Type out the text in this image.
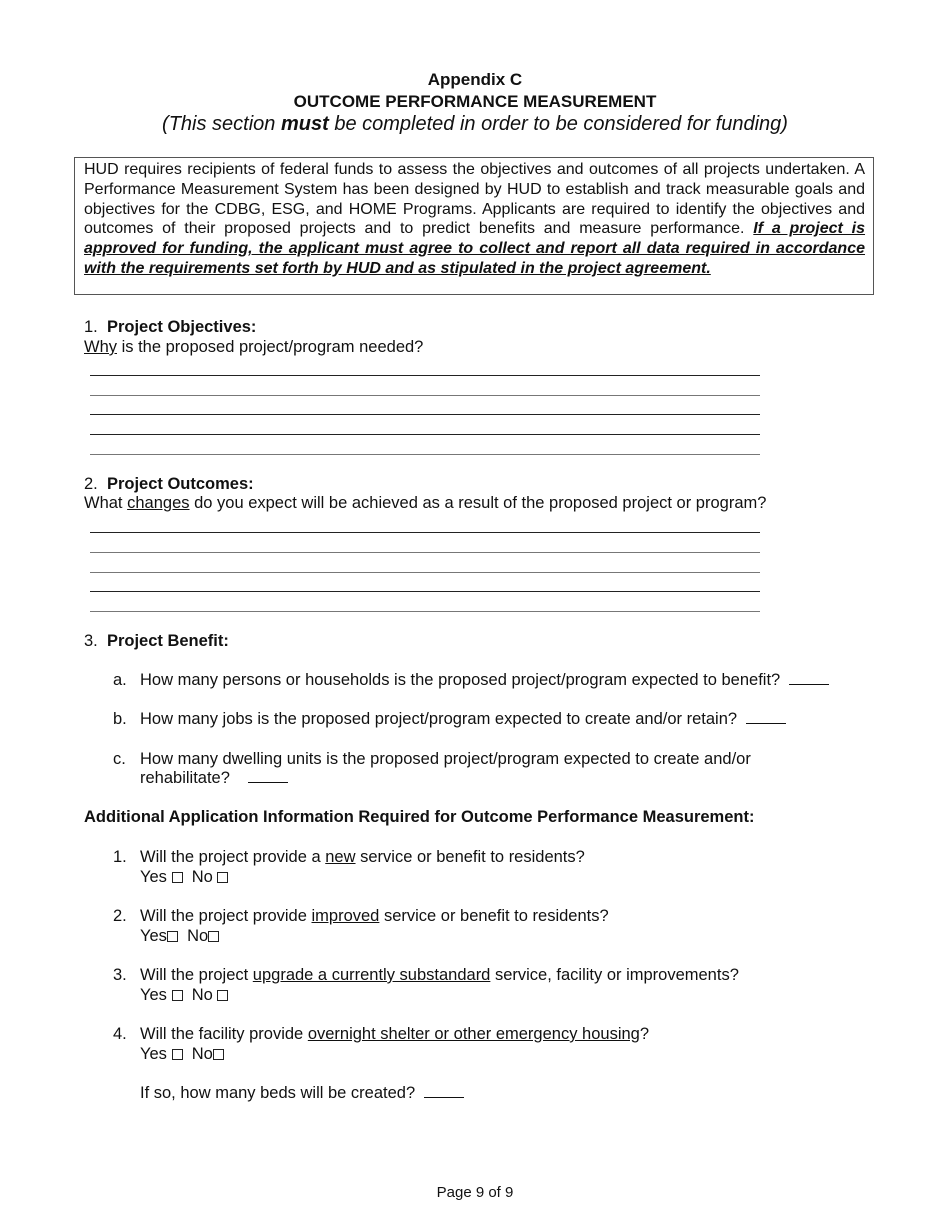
Appendix C
OUTCOME PERFORMANCE MEASUREMENT
(This section must be completed in order to be considered for funding)
HUD requires recipients of federal funds to assess the objectives and outcomes of all projects undertaken. A Performance Measurement System has been designed by HUD to establish and track measurable goals and objectives for the CDBG, ESG, and HOME Programs. Applicants are required to identify the objectives and outcomes of their proposed projects and to predict benefits and measure performance. If a project is approved for funding, the applicant must agree to collect and report all data required in accordance with the requirements set forth by HUD and as stipulated in the project agreement.
1. Project Objectives:
Why is the proposed project/program needed?
2. Project Outcomes:
What changes do you expect will be achieved as a result of the proposed project or program?
3. Project Benefit:
a. How many persons or households is the proposed project/program expected to benefit?
b. How many jobs is the proposed project/program expected to create and/or retain?
c. How many dwelling units is the proposed project/program expected to create and/or
rehabilitate?
Additional Application Information Required for Outcome Performance Measurement:
1. Will the project provide a new service or benefit to residents?
Yes No
2. Will the project provide improved service or benefit to residents?
Yes No
3. Will the project upgrade a currently substandard service, facility or improvements?
Yes No
4. Will the facility provide overnight shelter or other emergency housing?
Yes No
If so, how many beds will be created?
Page 9 of 9
